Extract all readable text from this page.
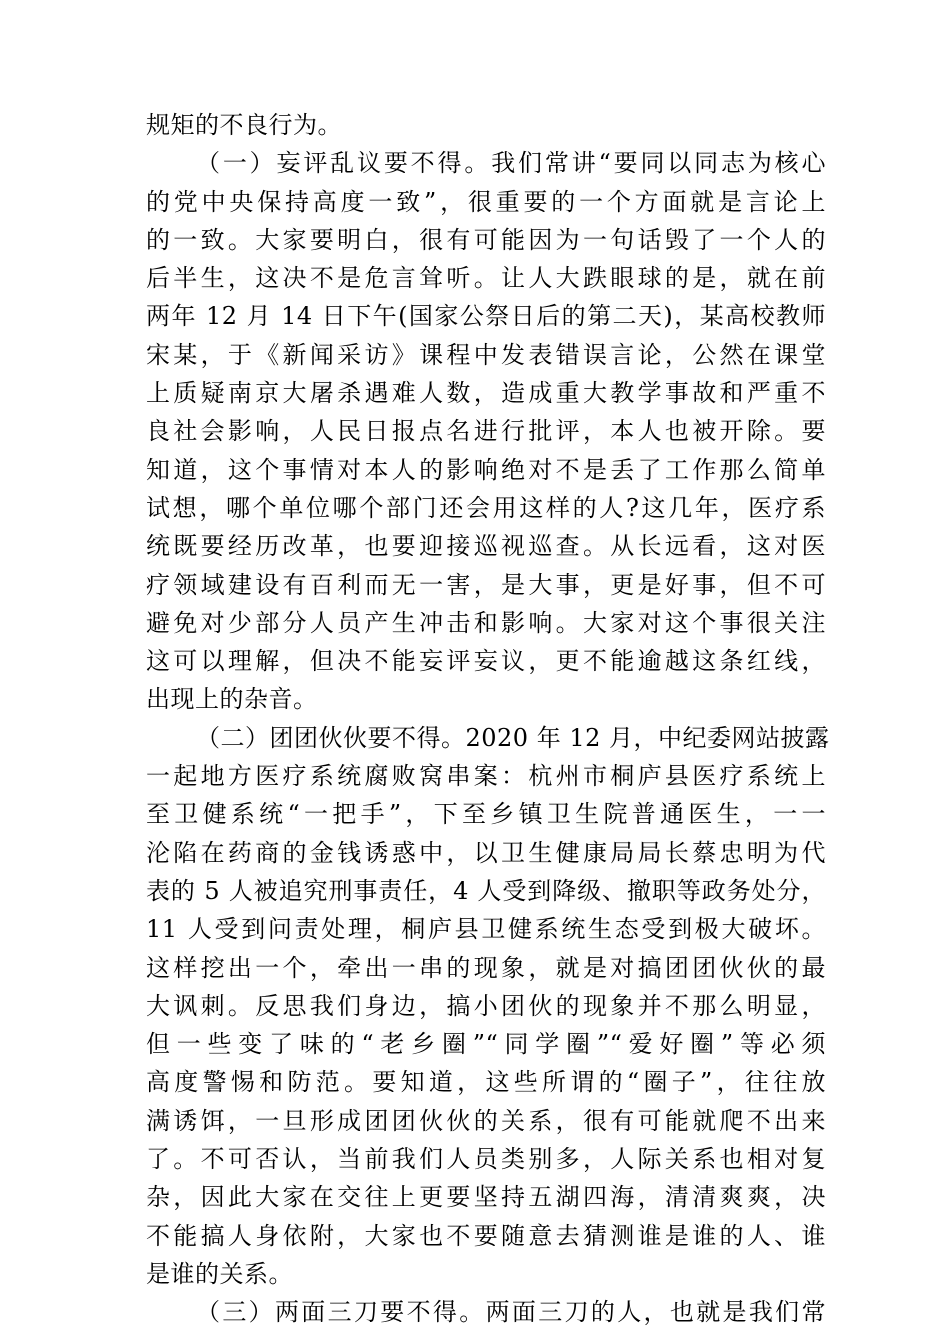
规矩的不良行为。
（一）妄评乱议要不得。我们常讲“要同以同志为核心
的党中央保持高度一致”，很重要的一个方面就是言论上
的一致。大家要明白，很有可能因为一句话毁了一个人的
后半生，这决不是危言耸听。让人大跌眼球的是，就在前
两年 12 月 14 日下午(国家公祭日后的第二天)，某高校教师
宋某，于《新闻采访》课程中发表错误言论，公然在课堂
上质疑南京大屠杀遇难人数，造成重大教学事故和严重不
良社会影响，人民日报点名进行批评，本人也被开除。要
知道，这个事情对本人的影响绝对不是丢了工作那么简单
试想，哪个单位哪个部门还会用这样的人?这几年，医疗系
统既要经历改革，也要迎接巡视巡查。从长远看，这对医
疗领域建设有百利而无一害，是大事，更是好事，但不可
避免对少部分人员产生冲击和影响。大家对这个事很关注
这可以理解，但决不能妄评妄议，更不能逾越这条红线，
出现上的杂音。
（二）团团伙伙要不得。2020 年 12 月，中纪委网站披露
一起地方医疗系统腐败窝串案：杭州市桐庐县医疗系统上
至卫健系统“一把手”，下至乡镇卫生院普通医生，一一
沦陷在药商的金钱诱惑中，以卫生健康局局长蔡忠明为代
表的 5 人被追究刑事责任，4 人受到降级、撤职等政务处分，
11 人受到问责处理，桐庐县卫健系统生态受到极大破坏。
这样挖出一个，牵出一串的现象，就是对搞团团伙伙的最
大讽刺。反思我们身边，搞小团伙的现象并不那么明显，
但一些变了味的“老乡圈”“同学圈”“爱好圈”等必须
高度警惕和防范。要知道，这些所谓的“圈子”，往往放
满诱饵，一旦形成团团伙伙的关系，很有可能就爬不出来
了。不可否认，当前我们人员类别多，人际关系也相对复
杂，因此大家在交往上更要坚持五湖四海，清清爽爽，决
不能搞人身依附，大家也不要随意去猜测谁是谁的人、谁
是谁的关系。
（三）两面三刀要不得。两面三刀的人，也就是我们常
